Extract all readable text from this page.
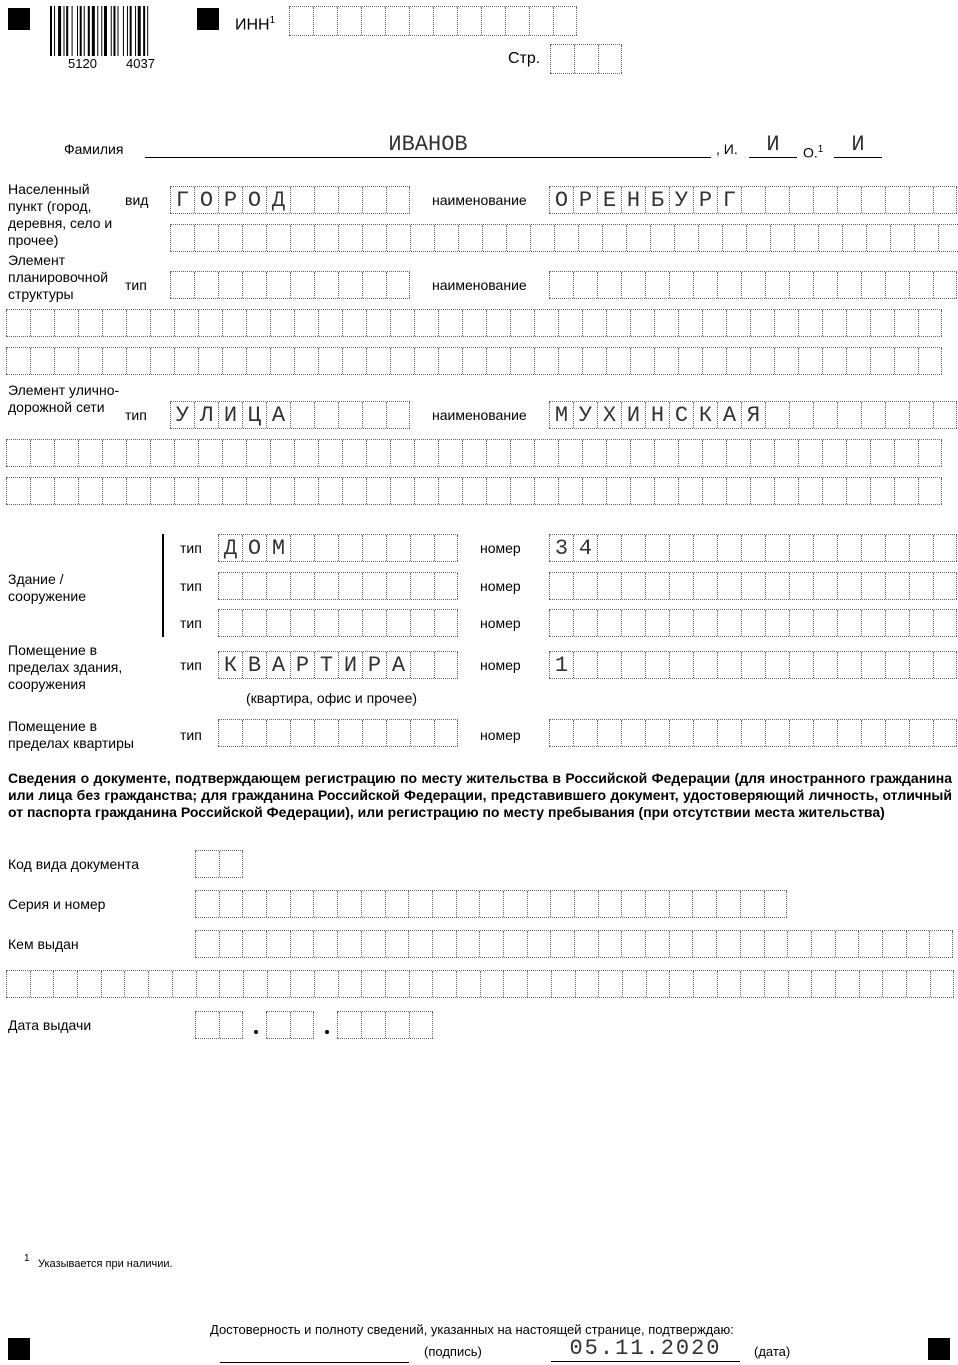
5120 4037
ИНН$^1$
Стр.
Фамилия	ИВАНОВ	, И.	И	О.$^1$	И
Населенный пункт (город, деревня, село и прочее)
вид Г О Р О Д	наименование О Р Е Н Б У Р Г
Элемент планировочной структуры
тип	наименование
Элемент улично-дорожной сети	тип У Л И Ц А	наименование М У Х И Н С К А Я
Здание / сооружение
тип Д О М	номер 3 4
тип	номер
тип	номер
Помещение в пределах здания, сооружения
тип К В А Р Т И Р А	номер 1
(квартира, офис и прочее)
Помещение в пределах квартиры	тип	номер
Сведения о документе, подтверждающем регистрацию по месту жительства в Российской Федерации (для иностранного гражданина или лица без гражданства; для гражданина Российской Федерации, представившего документ, удостоверяющий личность, отличный от паспорта гражданина Российской Федерации), или регистрацию по месту пребывания (при отсутствии места жительства)
Код вида документа
Серия и номер
Кем выдан
Дата выдачи
1 Указывается при наличии.
Достоверность и полноту сведений, указанных на настоящей странице, подтверждаю:
(подпись)	05.11.2020	(дата)
